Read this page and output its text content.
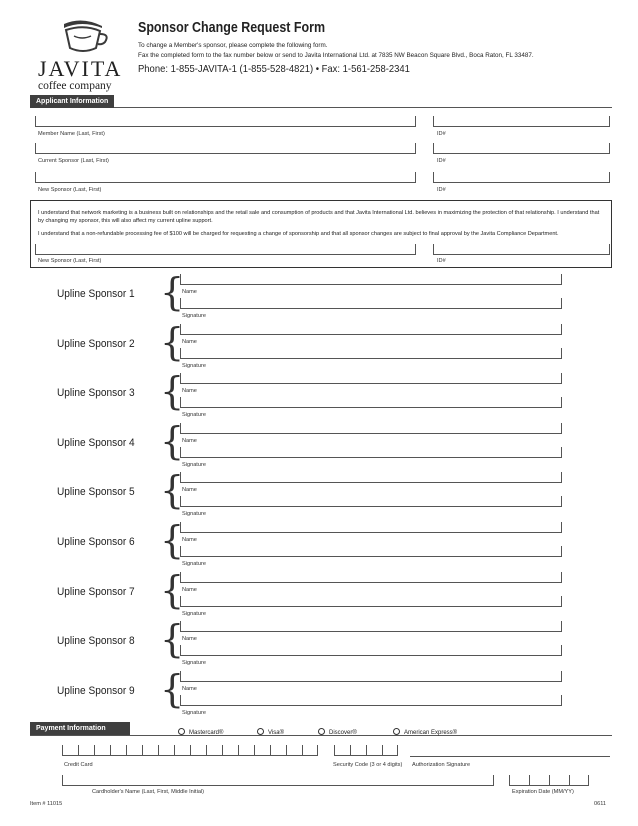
JAVITA
coffee company
Sponsor Change Request Form
To change a Member's sponsor, please complete the following form.
Fax the completed form to the fax number below or send to Javita International Ltd. at 7835 NW Beacon Square Blvd., Boca Raton, FL 33487.
Phone: 1-855-JAVITA-1 (1-855-528-4821) • Fax: 1-561-258-2341
Applicant Information
Member Name (Last, First)	ID#
Current Sponsor (Last, First)	ID#
New Sponsor (Last, First)	ID#

I understand that network marketing is a business built on relationships and the retail sale and consumption of products and that Javita International Ltd. believes in maximizing the protection of that relationship. I understand that by changing my sponsor, this will also affect my current upline support.

I understand that a non-refundable processing fee of $100 will be charged for requesting a change of sponsorship and that all sponsor changes are subject to final approval by the Javita Compliance Department.

New Sponsor (Last, First)	ID#
Upline Sponsor 1 {
Name
Signature
Upline Sponsor 2 {
Name
Signature
Upline Sponsor 3 {
Name
Signature
Upline Sponsor 4 {
Name
Signature
Upline Sponsor 5 {
Name
Signature
Upline Sponsor 6 {
Name
Signature
Upline Sponsor 7 {
Name
Signature
Upline Sponsor 8 {
Name
Signature
Upline Sponsor 9 {
Name
Signature
Payment Information
Mastercard®	Visa®	Discover®	American Express®
Credit Card	Security Code (3 or 4 digits) Authorization Signature
Cardholder's Name (Last, First, Middle Initial)	Expiration Date (MM/YY)
Item # 11015	0611
